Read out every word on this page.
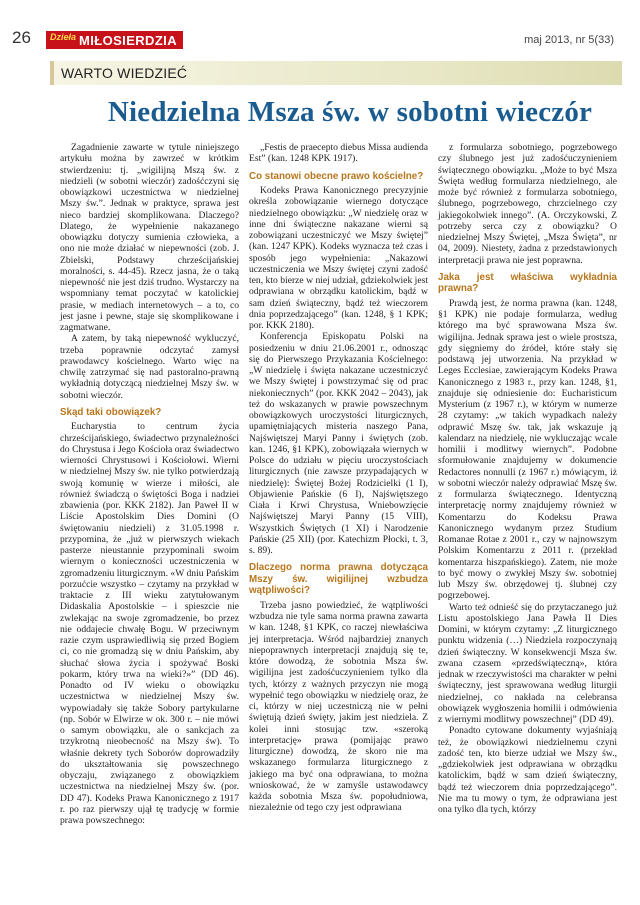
26 Dzieła MIŁOSIERDZIA	maj 2013, nr 5(33)
WARTO WIEDZIEĆ
Niedzielna Msza św. w sobotni wieczór

Zagadnienie zawarte w tytule niniejszego artykułu można by zawrzeć w krótkim stwierdzeniu: tj. „wigilijną Mszą św. z niedzieli (w sobotni wieczór) zadośćczyni się obowiązkowi uczestnictwa w niedzielnej Mszy św.”. Jednak w praktyce, sprawa jest nieco bardziej skomplikowana. Dlaczego? Dlatego, że wypełnienie nakazanego obowiązku dotyczy sumienia człowieka, a ono nie może działać w niepewności (zob. J. Zbielski, Podstawy chrześcijańskiej moralności, s. 44-45). Rzecz jasna, że o taką niepewność nie jest dziś trudno. Wystarczy na wspomniany temat poczytać w katolickiej prasie, w mediach internetowych – a to, co jest jasne i pewne, staje się skomplikowane i zagmatwane.

A zatem, by taką niepewność wykluczyć, trzeba poprawnie odczytać zamysł prawodawcy kościelnego. Warto więc na chwilę zatrzymać się nad pastoralno-prawną wykładnią dotyczącą niedzielnej Mszy św. w sobotni wieczór.

Skąd taki obowiązek?

Eucharystia to centrum życia chrześcijańskiego, świadectwo przynależności do Chrystusa i Jego Kościoła oraz świadectwo wierności Chrystusowi i Kościołowi. Wierni w niedzielnej Mszy św. nie tylko potwierdzają swoją komunię w wierze i miłości, ale również świadczą o świętości Boga i nadziei zbawienia (por. KKK 2182). Jan Paweł II w Liście Apostolskim Dies Domini (O świętowaniu niedzieli) z 31.05.1998 r. przypomina, że „już w pierwszych wiekach pasterze nieustannie przypominali swoim wiernym o konieczności uczestniczenia w zgromadzeniu liturgicznym. «W dniu Pańskim porzućcie wszystko – czytamy na przykład w traktacie z III wieku zatytułowanym Didaskalia Apostolskie – i spieszcie nie zwlekając na swoje zgromadzenie, bo przez nie oddajecie chwałę Bogu. W przeciwnym razie czym usprawiedliwią się przed Bogiem ci, co nie gromadzą się w dniu Pańskim, aby słuchać słowa życia i spożywać Boski pokarm, który trwa na wieki?»” (DD 46). Ponadto od IV wieku o obowiązku uczestnictwa w niedzielnej Mszy św. wypowiadały się także Sobory partykularne (np. Sobór w Elwirze w ok. 300 r. – nie mówi o samym obowiązku, ale o sankcjach za trzykrotną nieobecność na Mszy św). To właśnie dekrety tych Soborów doprowadziły do ukształtowania się powszechnego obyczaju, związanego z obowiązkiem uczestnictwa na niedzielnej Mszy św. (por. DD 47). Kodeks Prawa Kanonicznego z 1917 r. po raz pierwszy ujął tę tradycję w formie prawa powszechnego:

„Festis de praecepto diebus Missa audienda Est” (kan. 1248 KPK 1917).

Co stanowi obecne prawo kościelne?

Kodeks Prawa Kanonicznego precyzyjnie określa zobowiązanie wiernego dotyczące niedzielnego obowiązku: „W niedzielę oraz w inne dni świąteczne nakazane wierni są zobowiązani uczestniczyć we Mszy świętej” (kan. 1247 KPK). Kodeks wyznacza też czas i sposób jego wypełnienia: „Nakazowi uczestniczenia we Mszy świętej czyni zadość ten, kto bierze w niej udział, gdziekolwiek jest odprawiana w obrządku katolickim, bądź w sam dzień świąteczny, bądź też wieczorem dnia poprzedzającego” (kan. 1248, § 1 KPK; por. KKK 2180).

Konferencja Episkopatu Polski na posiedzeniu w dniu 21.06.2001 r., odnosząc się do Pierwszego Przykazania Kościelnego: „W niedzielę i święta nakazane uczestniczyć we Mszy świętej i powstrzymać się od prac niekoniecznych” (por. KKK 2042 – 2043), jak też do wskazanych w prawie powszechnym obowiązkowych uroczystości liturgicznych, upamiętniających misteria naszego Pana, Najświętszej Maryi Panny i świętych (zob. kan. 1246, §1 KPK), zobowiązała wiernych w Polsce do udziału w pięciu uroczystościach liturgicznych (nie zawsze przypadających w niedzielę): Świętej Bożej Rodzicielki (1 I), Objawienie Pańskie (6 I), Najświętszego Ciała i Krwi Chrystusa, Wniebowzięcie Najświętszej Maryi Panny (15 VIII), Wszystkich Świętych (1 XI) i Narodzenie Pańskie (25 XII) (por. Katechizm Płocki, t. 3, s. 89).

Dlaczego norma prawna dotycząca Mszy św. wigilijnej wzbudza wątpliwości?

Trzeba jasno powiedzieć, że wątpliwości wzbudza nie tyle sama norma prawna zawarta w kan. 1248, §1 KPK, co raczej niewłaściwa jej interpretacja. Wśród najbardziej znanych niepoprawnych interpretacji znajdują się te, które dowodzą, że sobotnia Msza św. wigilijna jest zadośćuczynieniem tylko dla tych, którzy z ważnych przyczyn nie mogą wypełnić tego obowiązku w niedzielę oraz, że ci, którzy w niej uczestniczą nie w pełni świętują dzień święty, jakim jest niedziela. Z kolei inni stosując tzw. «szeroką interpretację» prawa (pomijając prawo liturgiczne) dowodzą, że skoro nie ma wskazanego formularza liturgicznego z jakiego ma być ona odprawiana, to można wnioskować, że w zamyśle ustawodawcy każda sobotnia Msza św. popołudniowa, niezależnie od tego czy jest odprawiana

z formularza sobotniego, pogrzebowego czy ślubnego jest już zadośćuczynieniem świątecznego obowiązku. „Może to być Msza Święta według formularza niedzielnego, ale może być również z formularza sobotniego, ślubnego, pogrzebowego, chrzcielnego czy jakiegokolwiek innego”. (A. Orczykowski, Z potrzeby serca czy z obowiązku? O niedzielnej Mszy Świętej, „Msza Święta”, nr 04, 2009). Niestety, żadna z przedstawionych interpretacji prawa nie jest poprawna.

Jaka jest właściwa wykładnia prawna?

Prawdą jest, że norma prawna (kan. 1248, §1 KPK) nie podaje formularza, według którego ma być sprawowana Msza św. wigilijna. Jednak sprawa jest o wiele prostsza, gdy sięgniemy do źródeł, które stały się podstawą jej utworzenia. Na przykład w Leges Ecclesiae, zawierającym Kodeks Prawa Kanonicznego z 1983 r., przy kan. 1248, §1, znajduje się odniesienie do: Eucharisticum Mysterium (z 1967 r.), w którym w numerze 28 czytamy: „w takich wypadkach należy odprawić Mszę św. tak, jak wskazuje ją kalendarz na niedzielę, nie wykluczając wcale homilii i modlitwy wiernych”. Podobne sformułowanie znajdujemy w dokumencie Redactores nonnulli (z 1967 r.) mówiącym, iż w sobotni wieczór należy odprawiać Mszę św. z formularza świątecznego. Identyczną interpretację normy znajdujemy również w Komentarzu do Kodeksu Prawa Kanonicznego wydanym przez Studium Romanae Rotae z 2001 r., czy w najnowszym Polskim Komentarzu z 2011 r. (przekład komentarza hiszpańskiego). Zatem, nie może to być mowy o zwykłej Mszy św. sobotniej lub Mszy św. obrzędowej tj. ślubnej czy pogrzebowej.

Warto też odnieść się do przytaczanego już Listu apostolskiego Jana Pawła II Dies Domini, w którym czytamy: „Z liturgicznego punktu widzenia (…) Niedziela rozpoczynają dzień świąteczny. W konsekwencji Msza św. zwana czasem «przedświąteczną», która jednak w rzeczywistości ma charakter w pełni świąteczny, jest sprawowana według liturgii niedzielnej, co nakłada na celebransa obowiązek wygłoszenia homilii i odmówienia z wiernymi modlitwy powszechnej” (DD 49).

Ponadto cytowane dokumenty wyjaśniają też, że obowiązkowi niedzielnemu czyni zadość ten, kto bierze udział we Mszy św., „gdziekolwiek jest odprawiana w obrządku katolickim, bądź w sam dzień świąteczny, bądź też wieczorem dnia poprzedzającego”. Nie ma tu mowy o tym, że odprawiana jest ona tylko dla tych, którzy
